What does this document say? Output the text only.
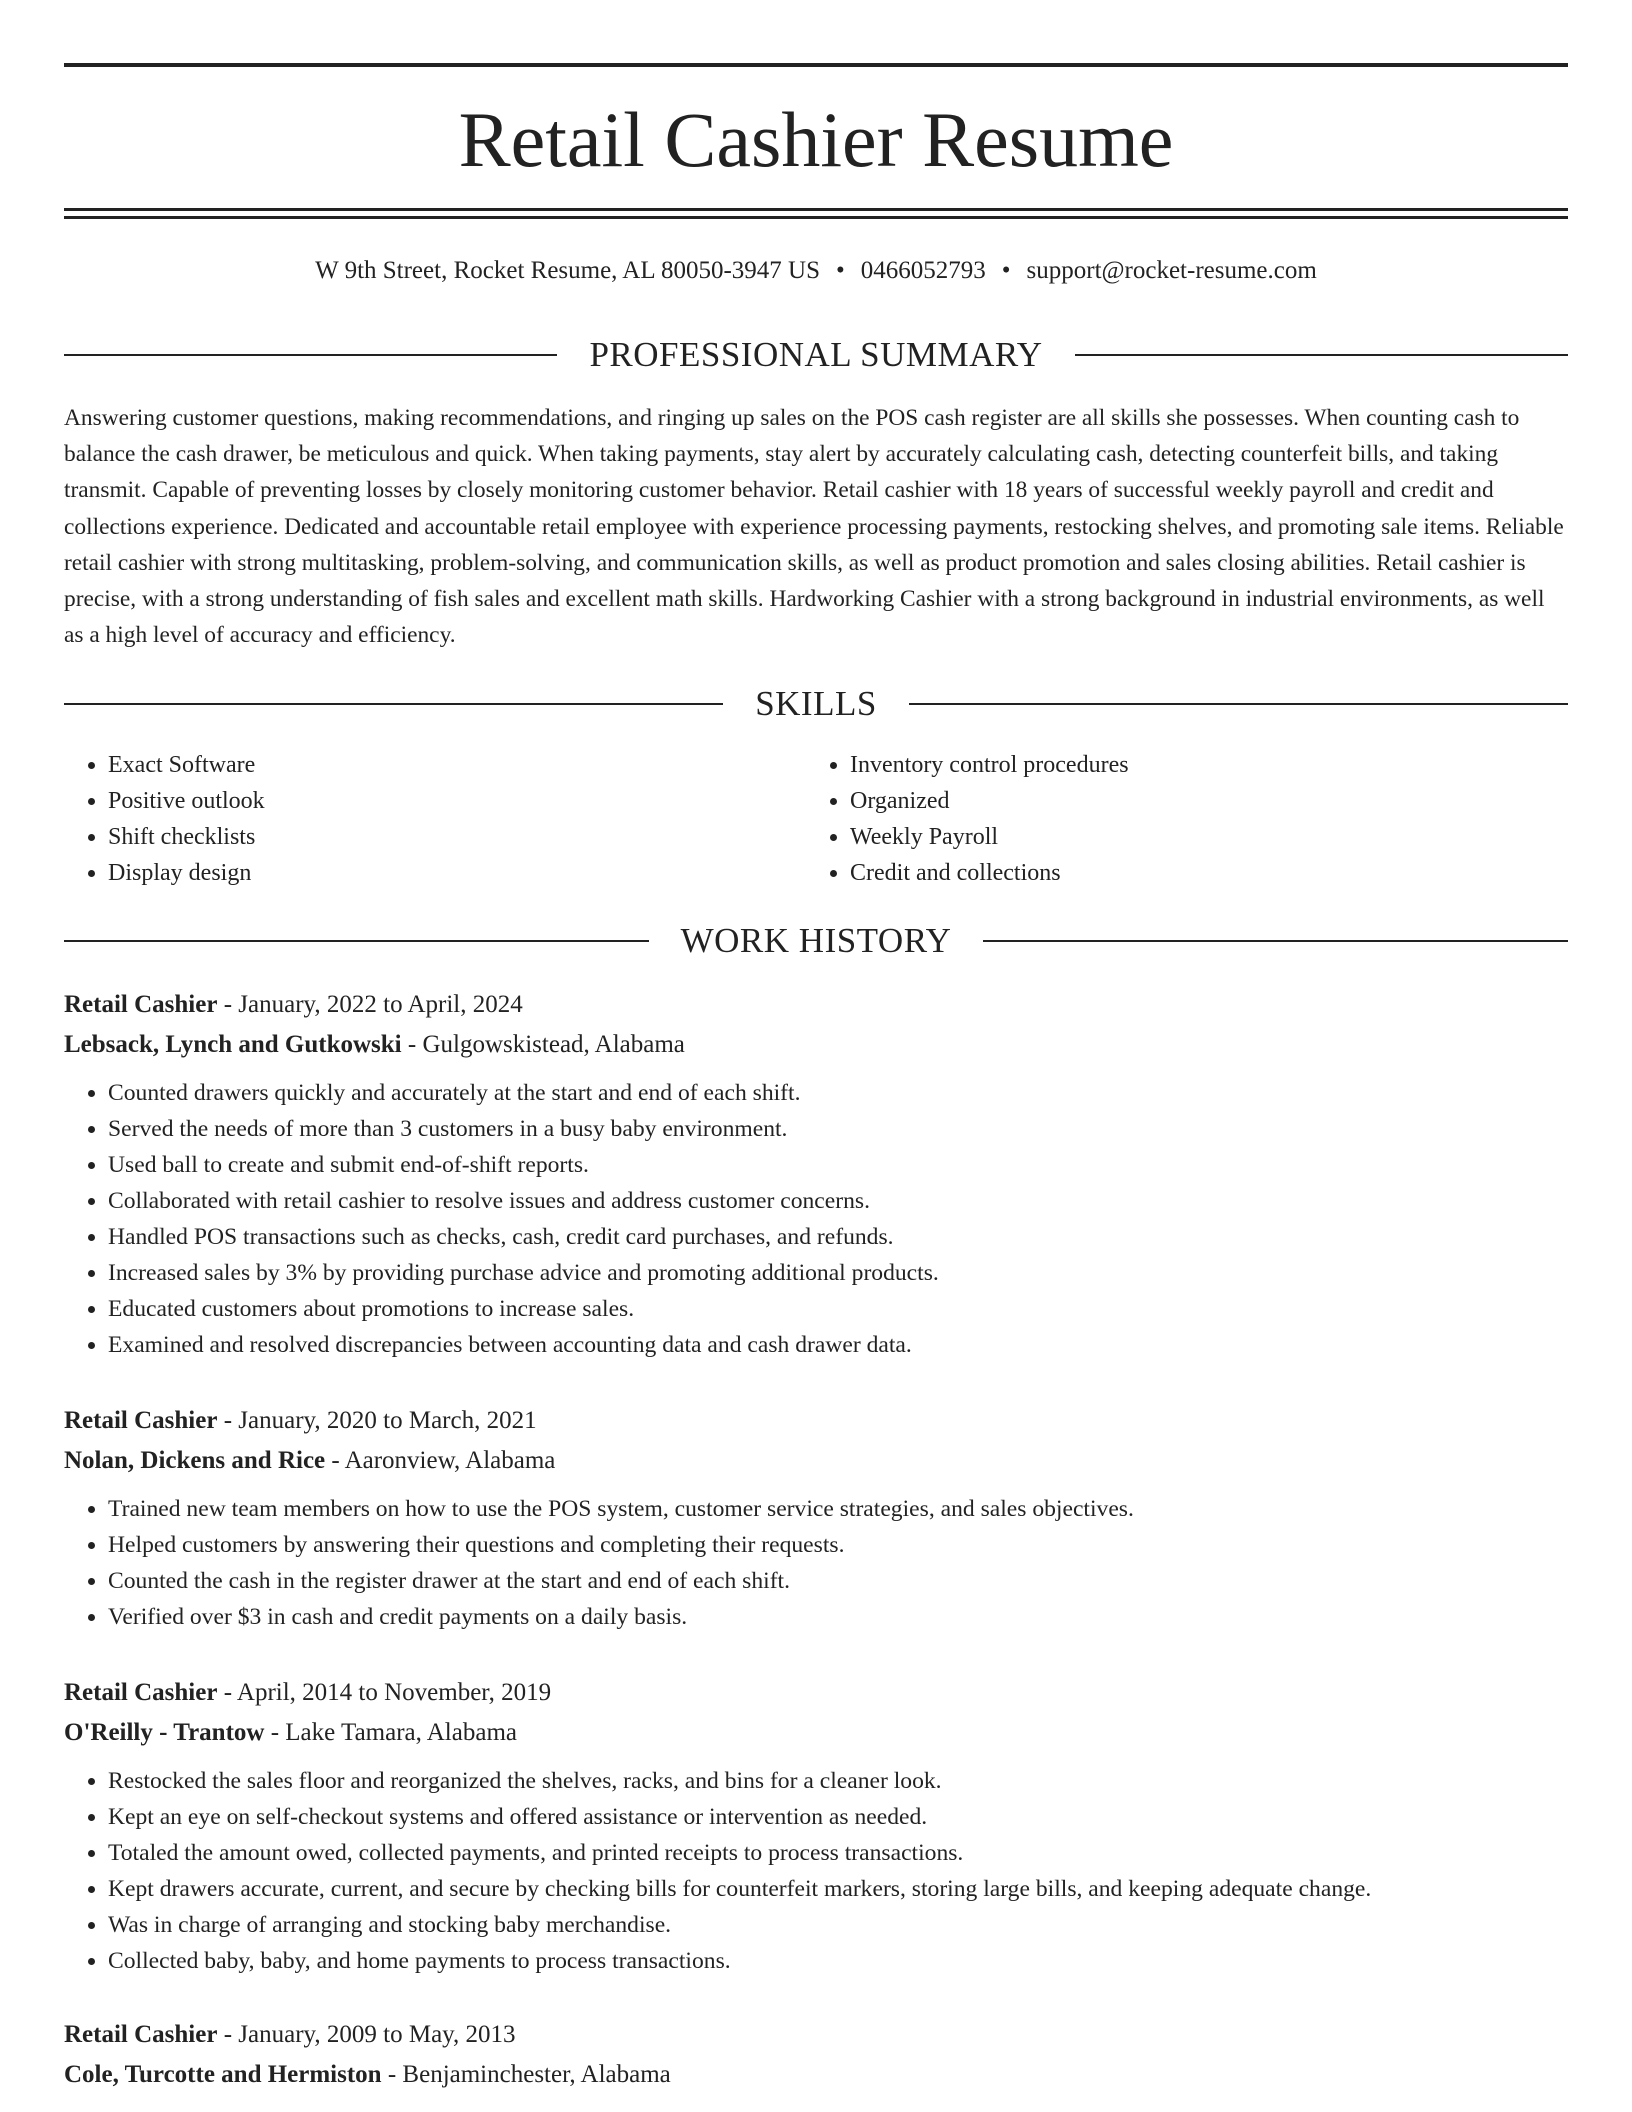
Retail Cashier Resume
W 9th Street, Rocket Resume, AL 80050-3947 US • 0466052793 • support@rocket-resume.com
PROFESSIONAL SUMMARY

Answering customer questions, making recommendations, and ringing up sales on the POS cash register are all skills she possesses. When counting cash to balance the cash drawer, be meticulous and quick. When taking payments, stay alert by accurately calculating cash, detecting counterfeit bills, and taking transmit. Capable of preventing losses by closely monitoring customer behavior. Retail cashier with 18 years of successful weekly payroll and credit and collections experience. Dedicated and accountable retail employee with experience processing payments, restocking shelves, and promoting sale items. Reliable retail cashier with strong multitasking, problem-solving, and communication skills, as well as product promotion and sales closing abilities. Retail cashier is precise, with a strong understanding of fish sales and excellent math skills. Hardworking Cashier with a strong background in industrial environments, as well as a high level of accuracy and efficiency.

SKILLS
• Exact Software
• Positive outlook
• Shift checklists
• Display design
• Inventory control procedures
• Organized
• Weekly Payroll
• Credit and collections
WORK HISTORY

Retail Cashier - January, 2022 to April, 2024

Lebsack, Lynch and Gutkowski - Gulgowskistead, Alabama

• Counted drawers quickly and accurately at the start and end of each shift.
• Served the needs of more than 3 customers in a busy baby environment.
• Used ball to create and submit end-of-shift reports.
• Collaborated with retail cashier to resolve issues and address customer concerns.
• Handled POS transactions such as checks, cash, credit card purchases, and refunds.
• Increased sales by 3% by providing purchase advice and promoting additional products.
• Educated customers about promotions to increase sales.
• Examined and resolved discrepancies between accounting data and cash drawer data.

Retail Cashier - January, 2020 to March, 2021

Nolan, Dickens and Rice - Aaronview, Alabama

• Trained new team members on how to use the POS system, customer service strategies, and sales objectives.
• Helped customers by answering their questions and completing their requests.
• Counted the cash in the register drawer at the start and end of each shift.
• Verified over $3 in cash and credit payments on a daily basis.

Retail Cashier - April, 2014 to November, 2019

O'Reilly - Trantow - Lake Tamara, Alabama

• Restocked the sales floor and reorganized the shelves, racks, and bins for a cleaner look.
• Kept an eye on self-checkout systems and offered assistance or intervention as needed.
• Totaled the amount owed, collected payments, and printed receipts to process transactions.
• Kept drawers accurate, current, and secure by checking bills for counterfeit markers, storing large bills, and keeping adequate change.
• Was in charge of arranging and stocking baby merchandise.
• Collected baby, baby, and home payments to process transactions.

Retail Cashier - January, 2009 to May, 2013

Cole, Turcotte and Hermiston - Benjaminchester, Alabama
